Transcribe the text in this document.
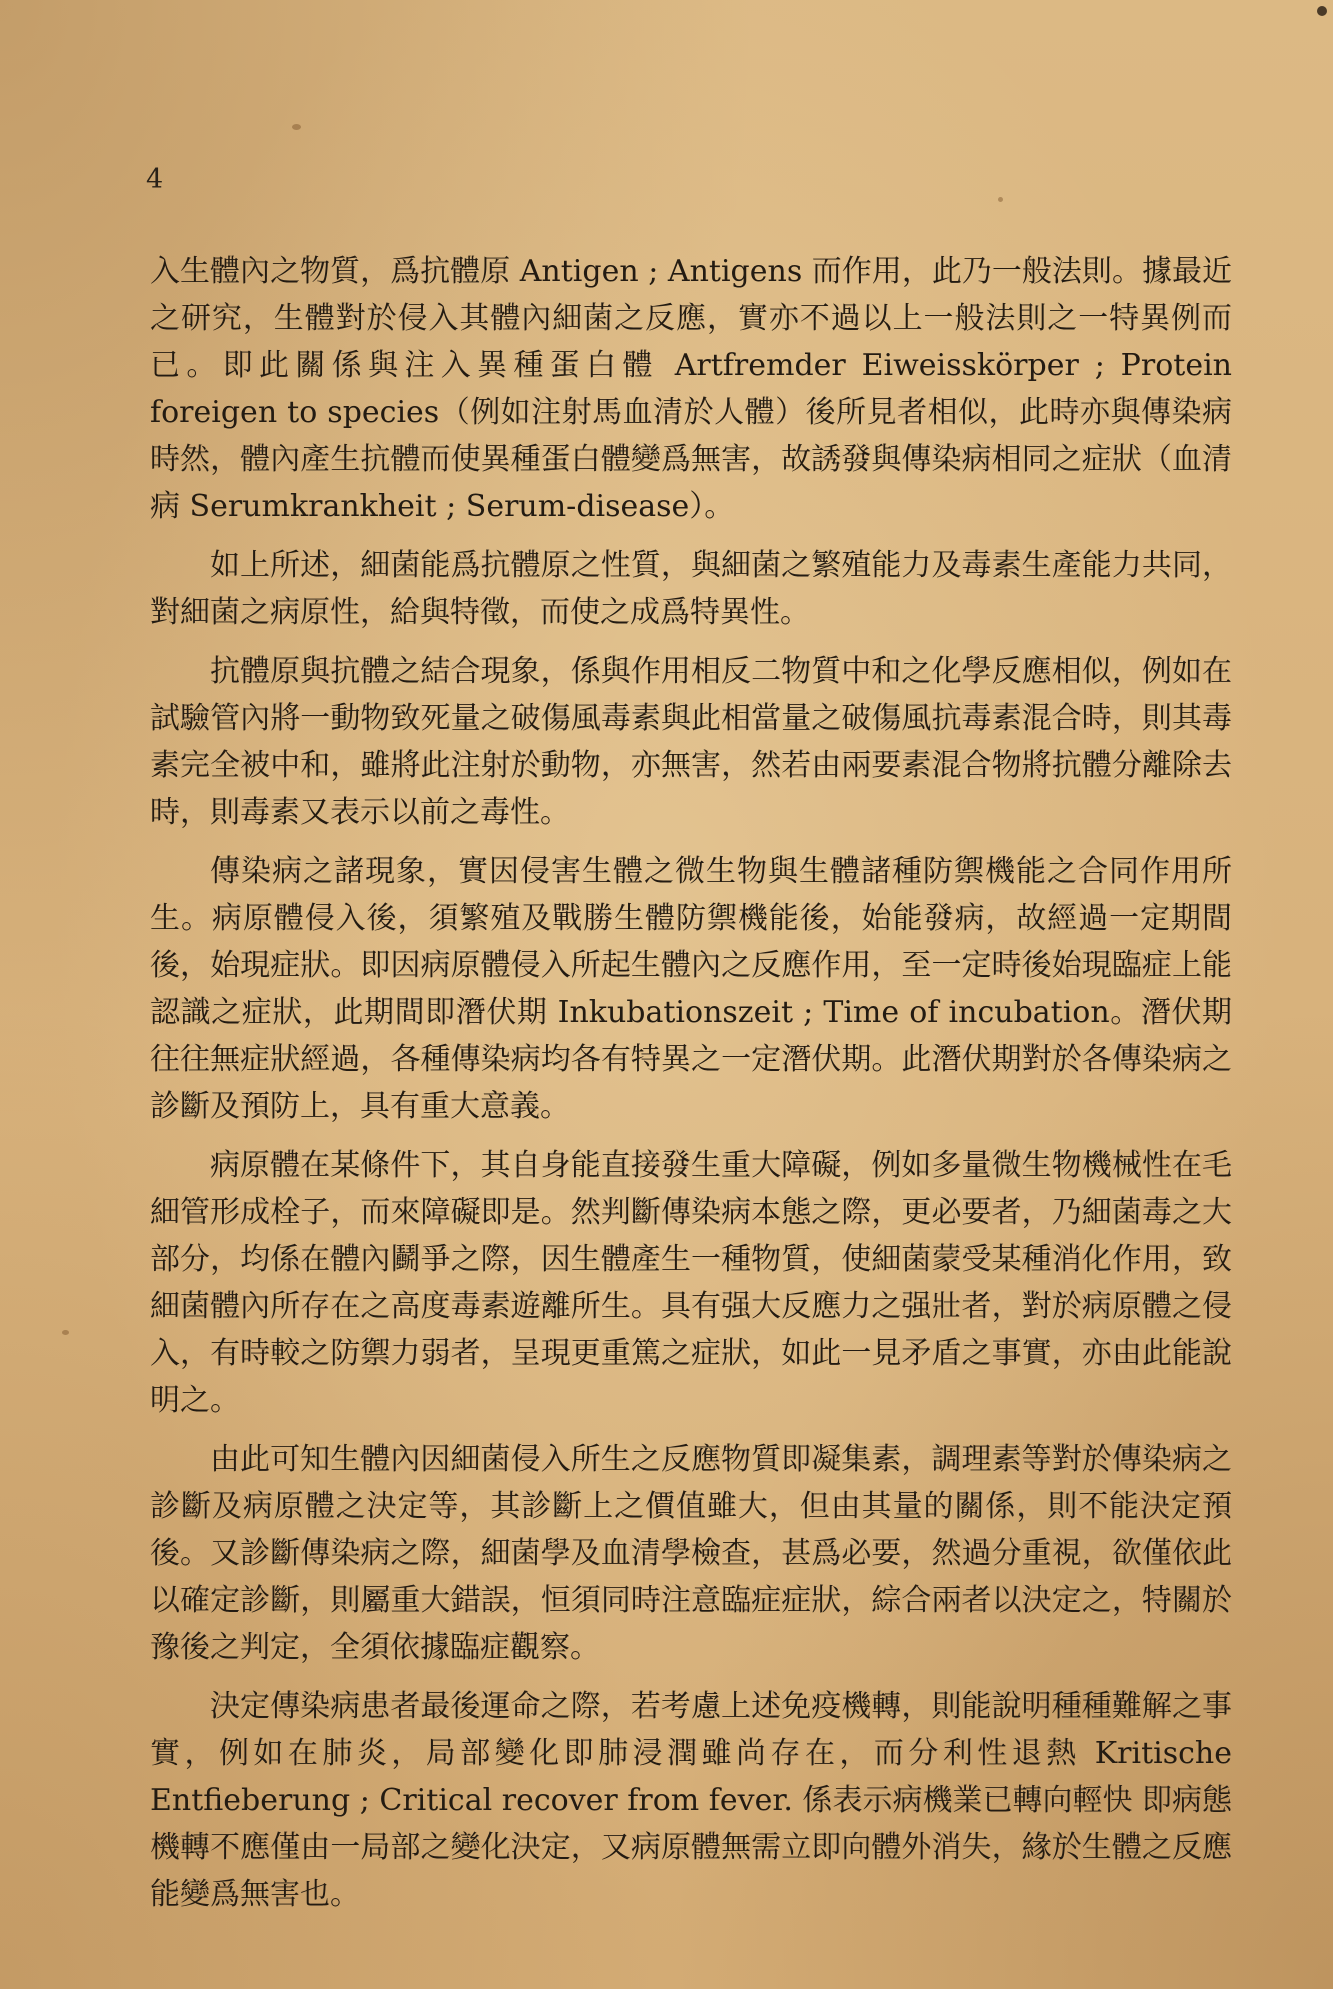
4

入生體內之物質，爲抗體原 Antigen ; Antigens 而作用，此乃一般法則。據最近之研究，生體對於侵入其體內細菌之反應，實亦不過以上一般法則之一特異例而已。即此關係與注入異種蛋白體 Artfremder Eiweisskörper ; Protein foreigen to species（例如注射馬血清於人體）後所見者相似，此時亦與傳染病時然，體內產生抗體而使異種蛋白體變爲無害，故誘發與傳染病相同之症狀（血清病 Serumkrankheit ; Serum-disease）。

如上所述，細菌能爲抗體原之性質，與細菌之繁殖能力及毒素生產能力共同，對細菌之病原性，給與特徵，而使之成爲特異性。

抗體原與抗體之結合現象，係與作用相反二物質中和之化學反應相似，例如在試驗管內將一動物致死量之破傷風毒素與此相當量之破傷風抗毒素混合時，則其毒素完全被中和，雖將此注射於動物，亦無害，然若由兩要素混合物將抗體分離除去時，則毒素又表示以前之毒性。

傳染病之諸現象，實因侵害生體之微生物與生體諸種防禦機能之合同作用所生。病原體侵入後，須繁殖及戰勝生體防禦機能後，始能發病，故經過一定期間後，始現症狀。即因病原體侵入所起生體內之反應作用，至一定時後始現臨症上能認識之症狀，此期間即潛伏期 Inkubationszeit ; Time of incubation。潛伏期往往無症狀經過，各種傳染病均各有特異之一定潛伏期。此潛伏期對於各傳染病之診斷及預防上，具有重大意義。

病原體在某條件下，其自身能直接發生重大障礙，例如多量微生物機械性在毛細管形成栓子，而來障礙即是。然判斷傳染病本態之際，更必要者，乃細菌毒之大部分，均係在體內鬬爭之際，因生體產生一種物質，使細菌蒙受某種消化作用，致細菌體內所存在之高度毒素遊離所生。具有强大反應力之强壯者，對於病原體之侵入，有時較之防禦力弱者，呈現更重篤之症狀，如此一見矛盾之事實，亦由此能說明之。

由此可知生體內因細菌侵入所生之反應物質即凝集素，調理素等對於傳染病之診斷及病原體之決定等，其診斷上之價值雖大，但由其量的關係，則不能決定預後。又診斷傳染病之際，細菌學及血清學檢查，甚爲必要，然過分重視，欲僅依此以確定診斷，則屬重大錯誤，恒須同時注意臨症症狀，綜合兩者以決定之，特關於豫後之判定，全須依據臨症觀察。

決定傳染病患者最後運命之際，若考慮上述免疫機轉，則能說明種種難解之事實，例如在肺炎，局部變化即肺浸潤雖尚存在，而分利性退熱 Kritische Entfieberung ; Critical recover from fever. 係表示病機業已轉向輕快 即病態機轉不應僅由一局部之變化決定，又病原體無需立即向體外消失，緣於生體之反應能變爲無害也。
